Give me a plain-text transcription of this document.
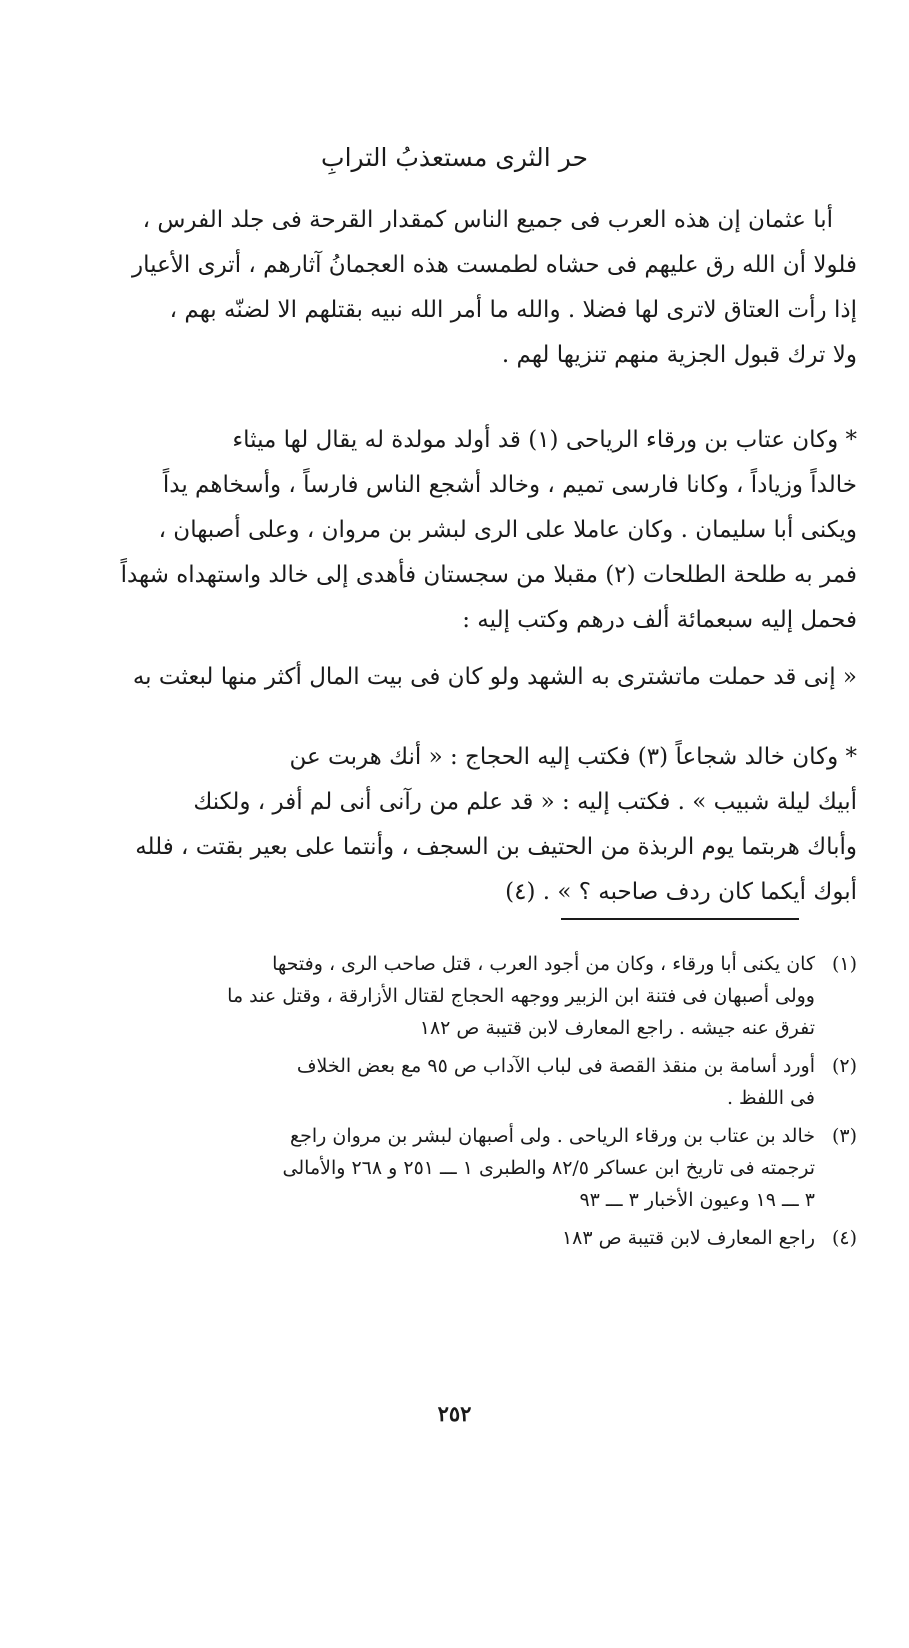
حر الثرى مستعذبُ الترابِ

أبا عثمان إن هذه العرب فى جميع الناس كمقدار القرحة فى جلد الفرس ،

فلولا أن الله رق عليهم فى حشاه لطمست هذه العجمانُ آثارهم ، أترى الأعيار

إذا رأت العتاق لاترى لها فضلا . والله ما أمر الله نبيه بقتلهم الا لضنّه بهم ،

ولا ترك قبول الجزية منهم تنزيها لهم .

* وكان عتاب بن ورقاء الرياحى (١) قد أولد مولدة له يقال لها ميثاء

خالداً وزياداً ، وكانا فارسى تميم ، وخالد أشجع الناس فارساً ، وأسخاهم يداً

ويكنى أبا سليمان . وكان عاملا على الرى لبشر بن مروان ، وعلى أصبهان ،

فمر به طلحة الطلحات (٢) مقبلا من سجستان فأهدى إلى خالد واستهداه شهداً

فحمل إليه سبعمائة ألف درهم وكتب إليه :

« إنى قد حملت ماتشترى به الشهد ولو كان فى بيت المال أكثر منها لبعثت به

* وكان خالد شجاعاً (٣) فكتب إليه الحجاج : « أنك هربت عن

أبيك ليلة شبيب » . فكتب إليه : « قد علم من رآنى أنى لم أفر ، ولكنك

وأباك هربتما يوم الربذة من الحتيف بن السجف ، وأنتما على بعير بقتت ، فلله

أبوك أيكما كان ردف صاحبه ؟ » . (٤)

(١)
كان يكنى أبا ورقاء ، وكان من أجود العرب ، قتل صاحب الرى ، وفتحها
وولى أصبهان فى فتنة ابن الزبير ووجهه الحجاج لقتال الأزارقة ، وقتل عند ما
تفرق عنه جيشه . راجع المعارف لابن قتيبة ص ١٨٢
(٢)
أورد أسامة بن منقذ القصة فى لباب الآداب ص ٩٥ مع بعض الخلاف
فى اللفظ .
(٣)
خالد بن عتاب بن ورقاء الرياحى . ولى أصبهان لبشر بن مروان راجع
ترجمته فى تاريخ ابن عساكر ٨٢/٥ والطبرى ١ ـــ ٢٥١ و ٢٦٨ والأمالى
٣ ـــ ١٩ وعيون الأخبار ٣ ـــ ٩٣
(٤)
راجع المعارف لابن قتيبة ص ١٨٣
٢٥٢
